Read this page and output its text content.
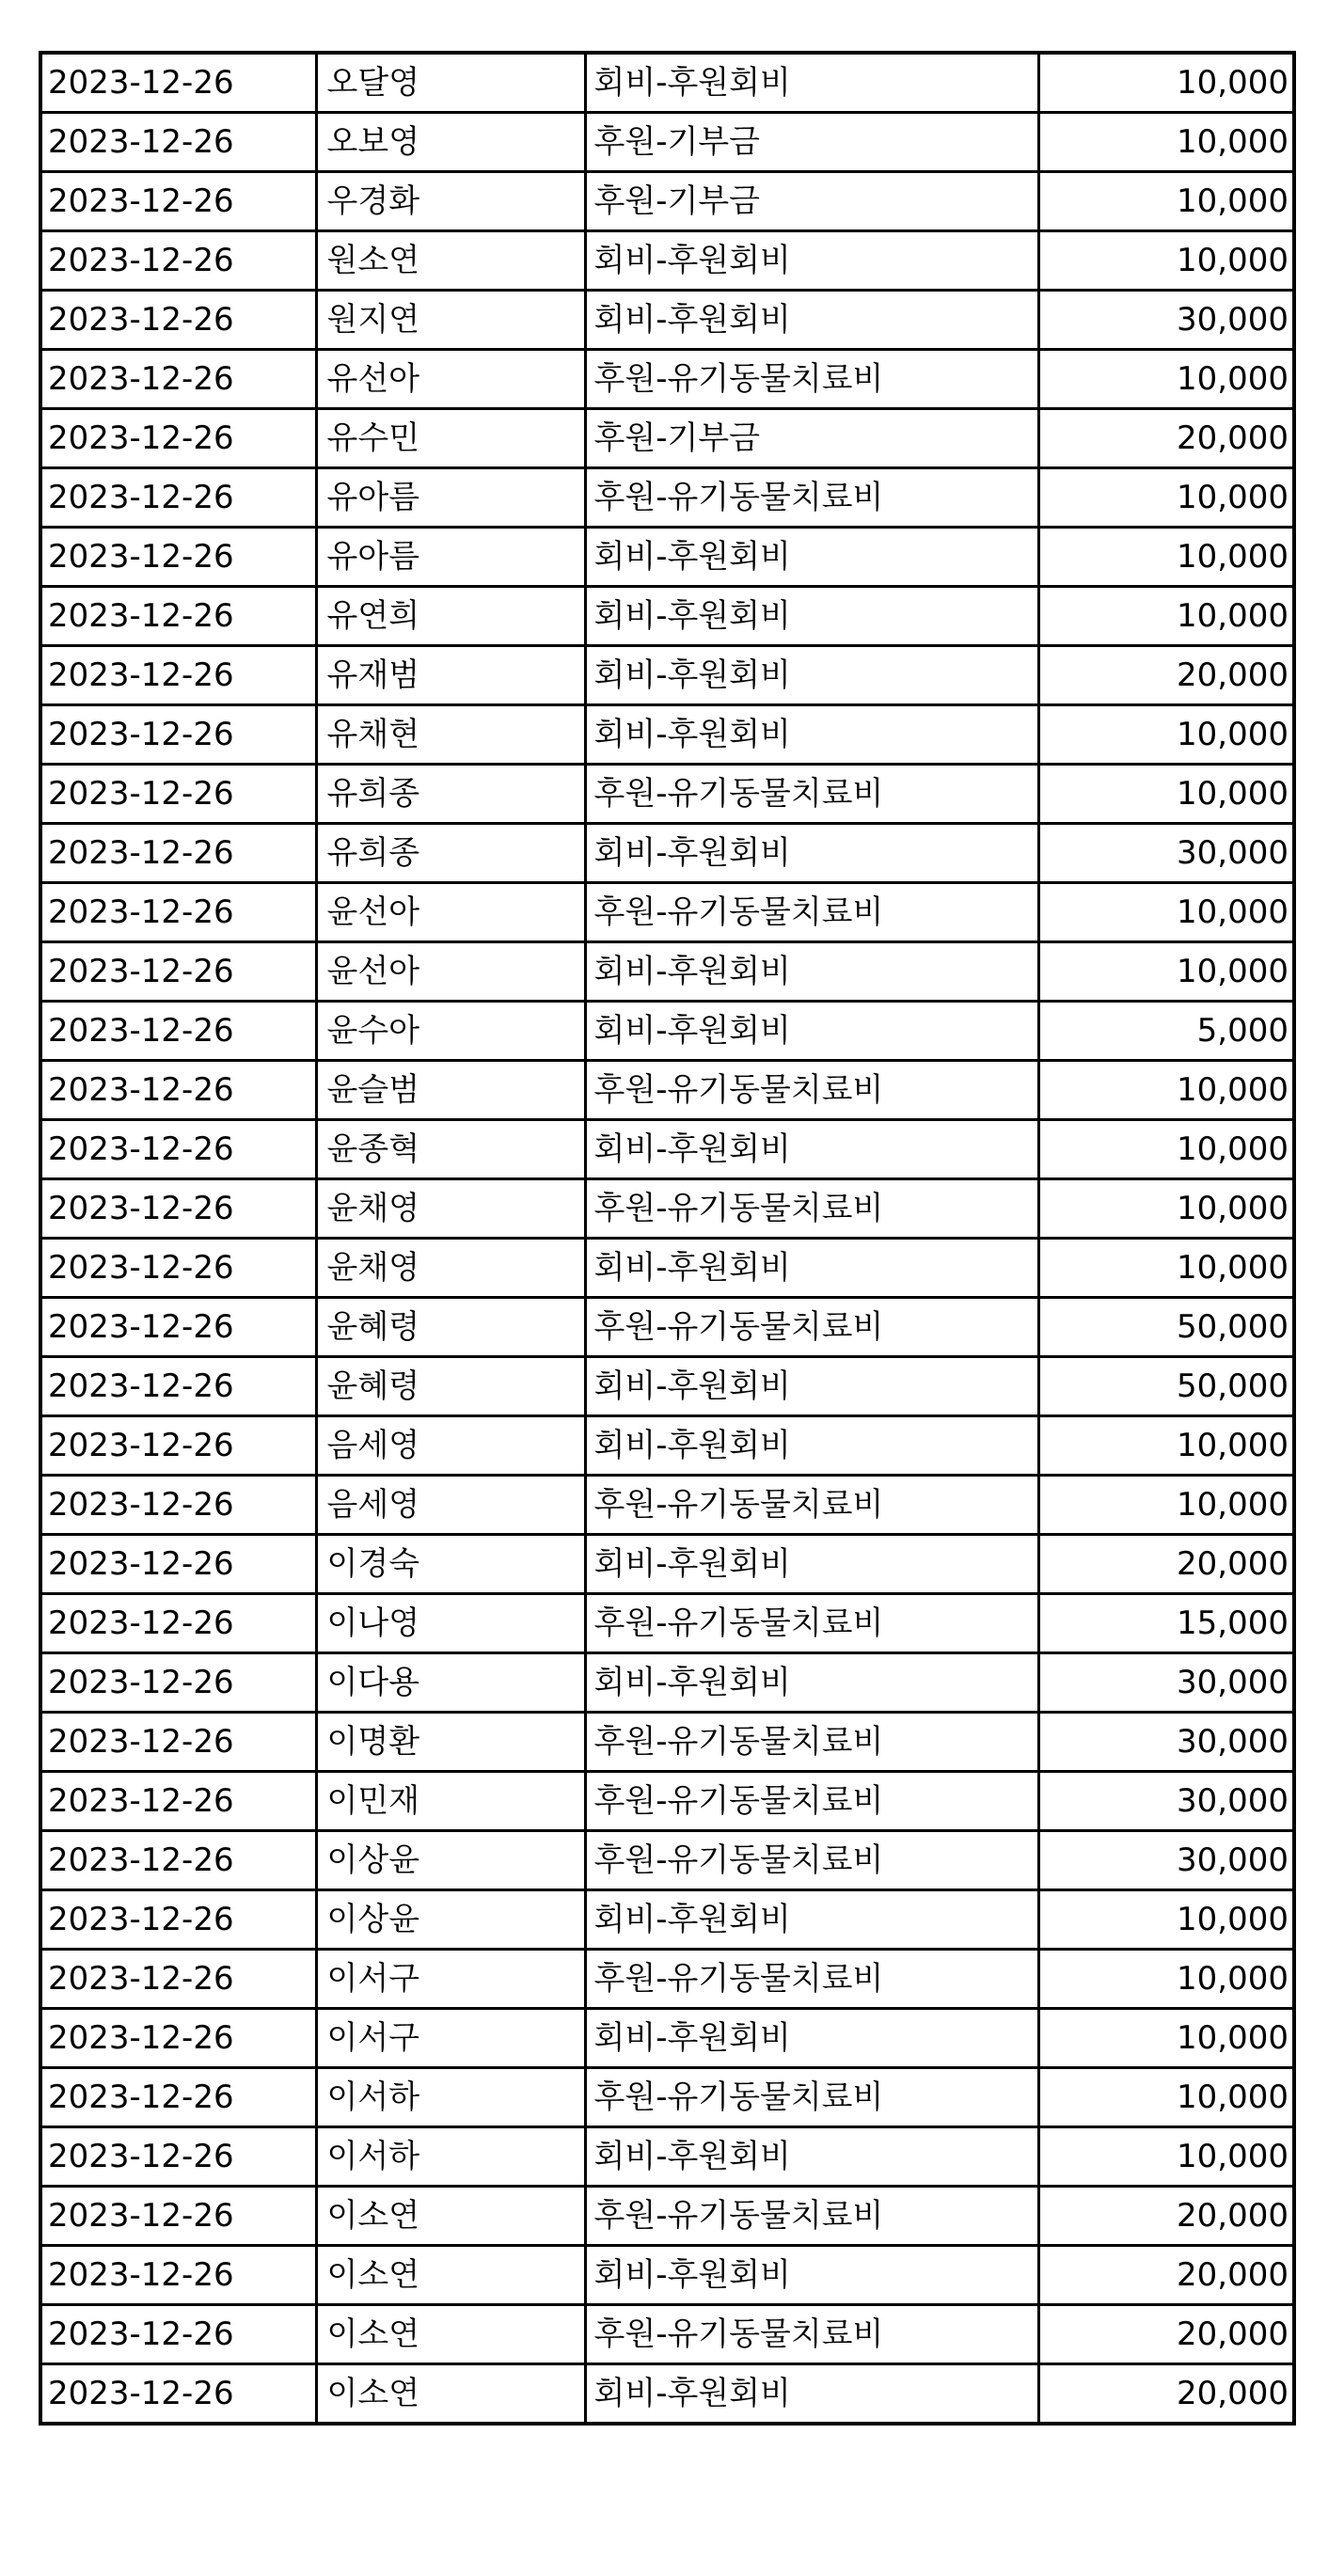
2023-12-26	오달영	회비-후원회비	10,000
2023-12-26	오보영	후원-기부금	10,000
2023-12-26	우경화	후원-기부금	10,000
2023-12-26	원소연	회비-후원회비	10,000
2023-12-26	원지연	회비-후원회비	30,000
2023-12-26	유선아	후원-유기동물치료비	10,000
2023-12-26	유수민	후원-기부금	20,000
2023-12-26	유아름	후원-유기동물치료비	10,000
2023-12-26	유아름	회비-후원회비	10,000
2023-12-26	유연희	회비-후원회비	10,000
2023-12-26	유재범	회비-후원회비	20,000
2023-12-26	유채현	회비-후원회비	10,000
2023-12-26	유희종	후원-유기동물치료비	10,000
2023-12-26	유희종	회비-후원회비	30,000
2023-12-26	윤선아	후원-유기동물치료비	10,000
2023-12-26	윤선아	회비-후원회비	10,000
2023-12-26	윤수아	회비-후원회비	5,000
2023-12-26	윤슬범	후원-유기동물치료비	10,000
2023-12-26	윤종혁	회비-후원회비	10,000
2023-12-26	윤채영	후원-유기동물치료비	10,000
2023-12-26	윤채영	회비-후원회비	10,000
2023-12-26	윤혜령	후원-유기동물치료비	50,000
2023-12-26	윤혜령	회비-후원회비	50,000
2023-12-26	음세영	회비-후원회비	10,000
2023-12-26	음세영	후원-유기동물치료비	10,000
2023-12-26	이경숙	회비-후원회비	20,000
2023-12-26	이나영	후원-유기동물치료비	15,000
2023-12-26	이다용	회비-후원회비	30,000
2023-12-26	이명환	후원-유기동물치료비	30,000
2023-12-26	이민재	후원-유기동물치료비	30,000
2023-12-26	이상윤	후원-유기동물치료비	30,000
2023-12-26	이상윤	회비-후원회비	10,000
2023-12-26	이서구	후원-유기동물치료비	10,000
2023-12-26	이서구	회비-후원회비	10,000
2023-12-26	이서하	후원-유기동물치료비	10,000
2023-12-26	이서하	회비-후원회비	10,000
2023-12-26	이소연	후원-유기동물치료비	20,000
2023-12-26	이소연	회비-후원회비	20,000
2023-12-26	이소연	후원-유기동물치료비	20,000
2023-12-26	이소연	회비-후원회비	20,000
